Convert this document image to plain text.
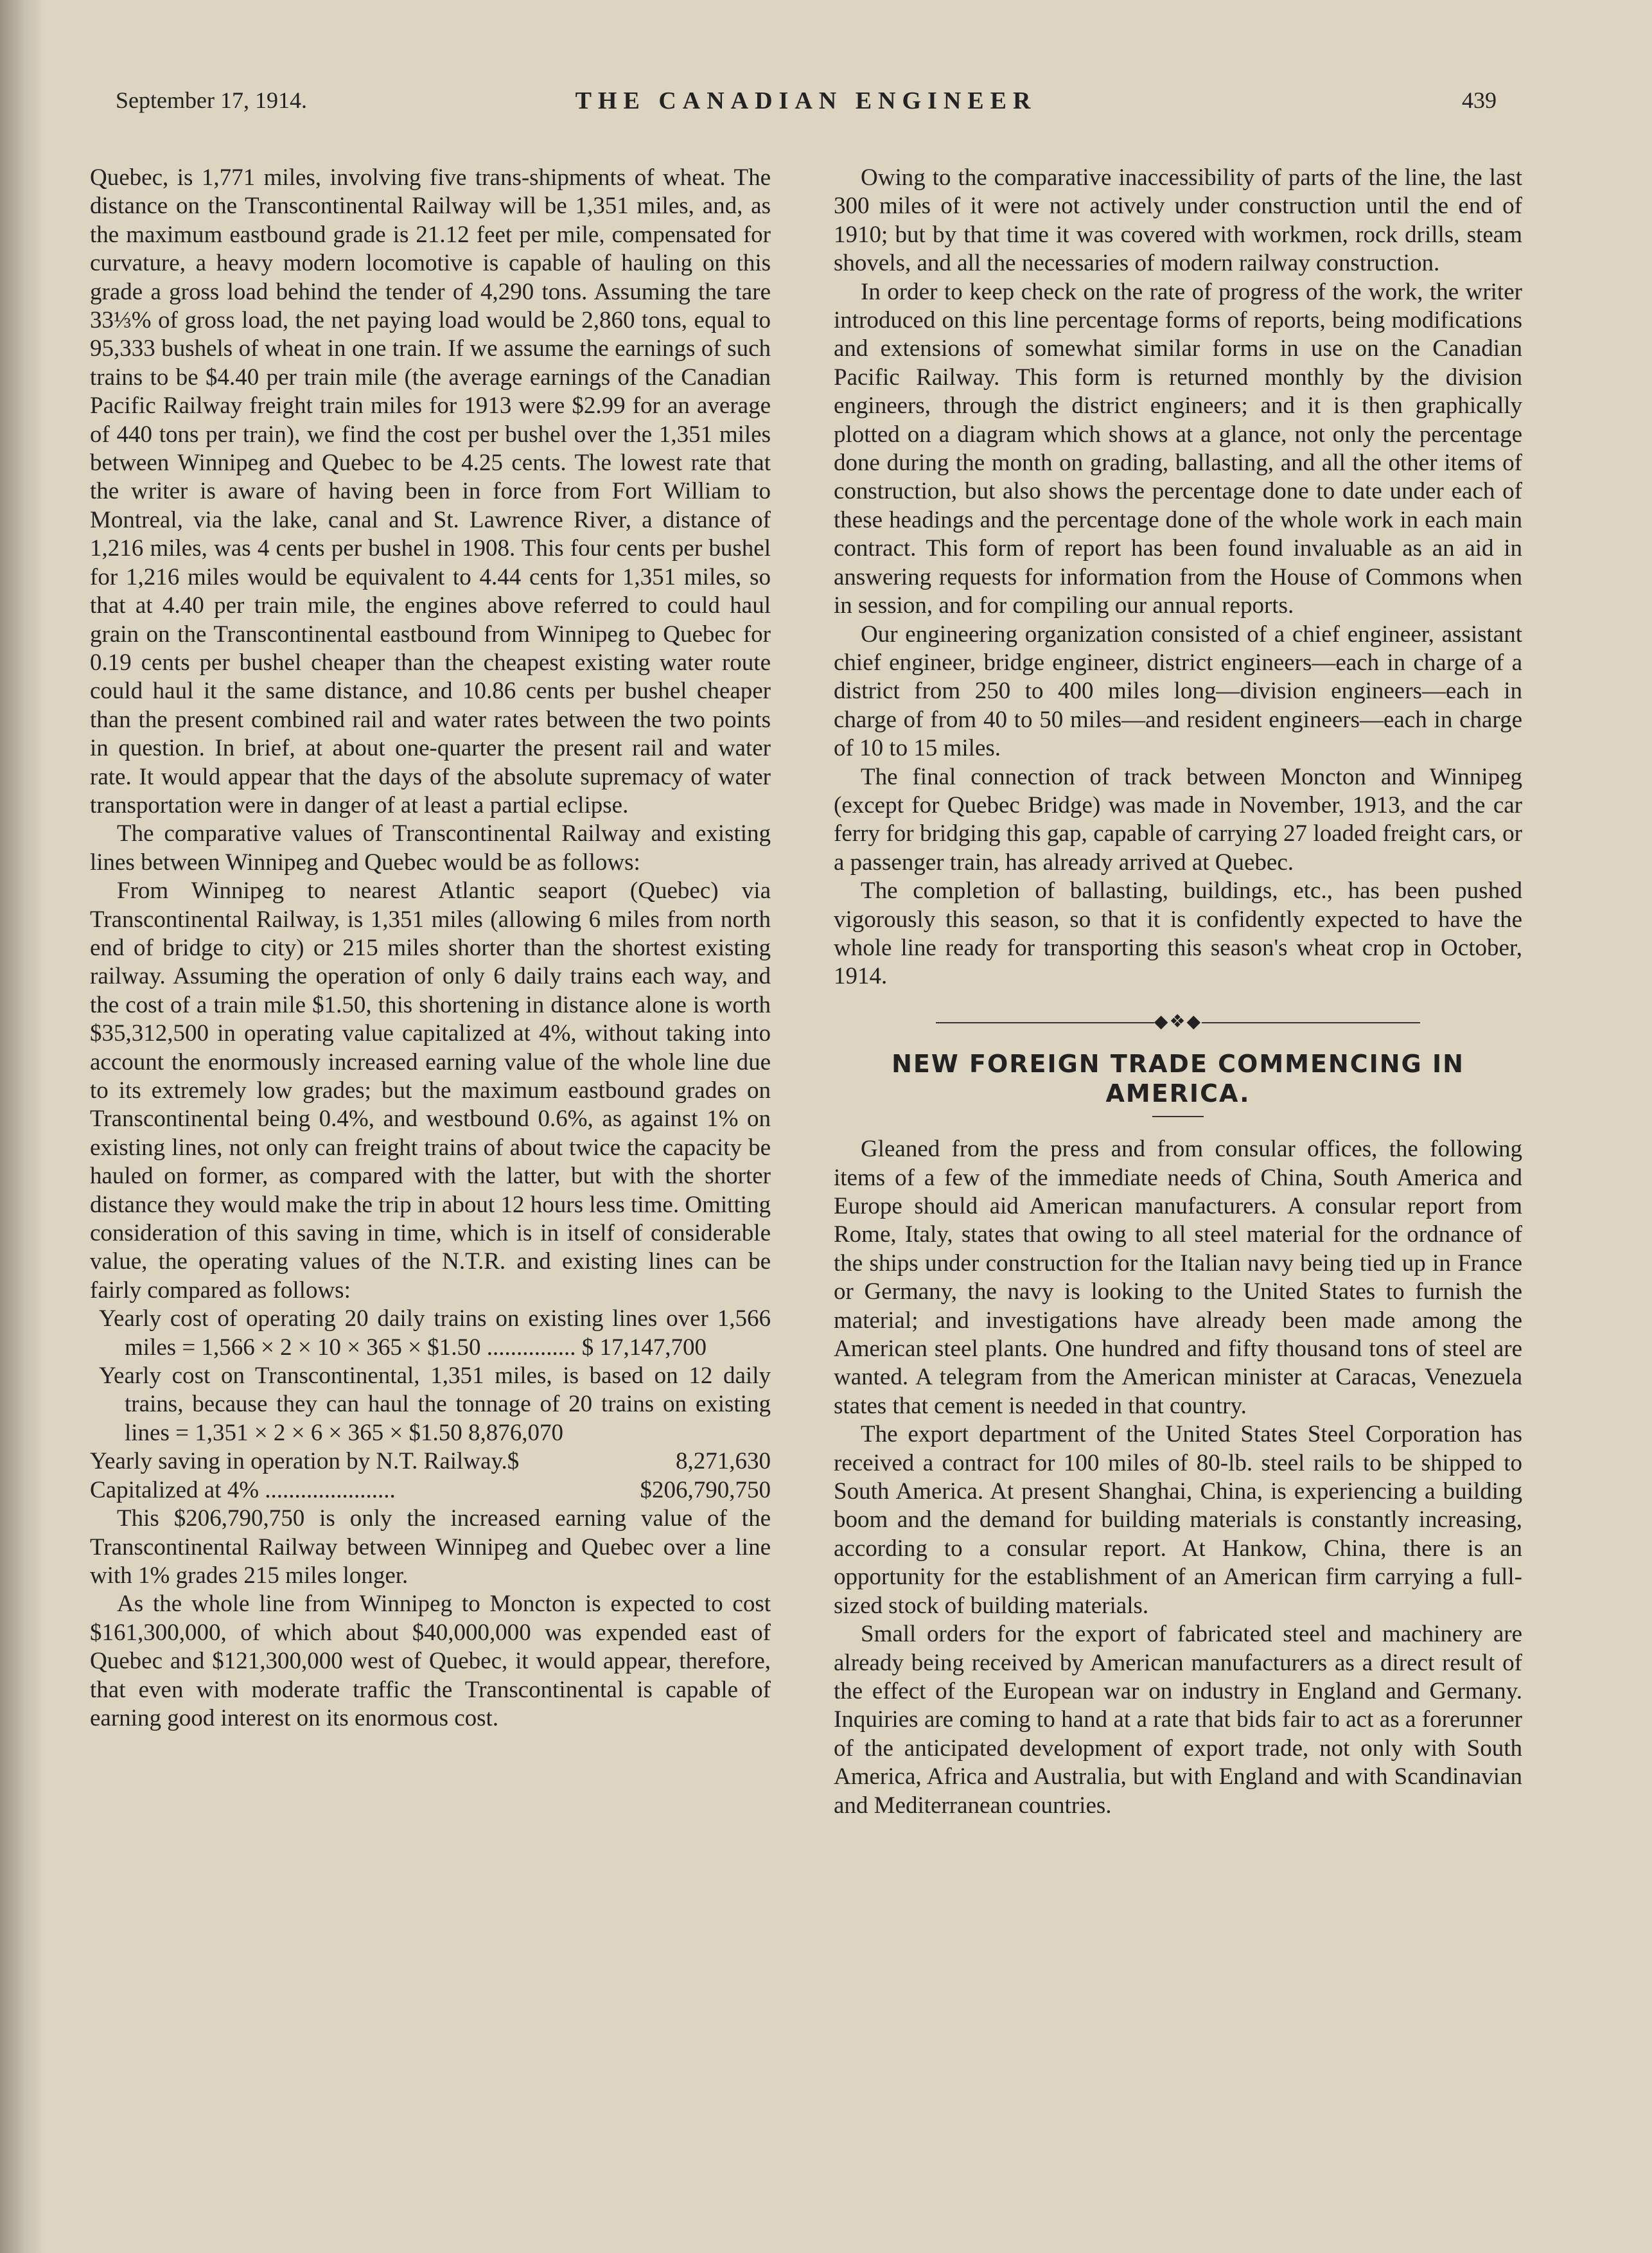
September 17, 1914.	THE CANADIAN ENGINEER	439

Quebec, is 1,771 miles, involving five trans-shipments of wheat. The distance on the Transcontinental Railway will be 1,351 miles, and, as the maximum eastbound grade is 21.12 feet per mile, compensated for curvature, a heavy modern locomotive is capable of hauling on this grade a gross load behind the tender of 4,290 tons. Assuming the tare 33⅓% of gross load, the net paying load would be 2,860 tons, equal to 95,333 bushels of wheat in one train. If we assume the earnings of such trains to be $4.40 per train mile (the average earnings of the Canadian Pacific Railway freight train miles for 1913 were $2.99 for an average of 440 tons per train), we find the cost per bushel over the 1,351 miles between Winnipeg and Quebec to be 4.25 cents. The lowest rate that the writer is aware of having been in force from Fort William to Montreal, via the lake, canal and St. Lawrence River, a distance of 1,216 miles, was 4 cents per bushel in 1908. This four cents per bushel for 1,216 miles would be equivalent to 4.44 cents for 1,351 miles, so that at 4.40 per train mile, the engines above referred to could haul grain on the Transcontinental eastbound from Winnipeg to Quebec for 0.19 cents per bushel cheaper than the cheapest existing water route could haul it the same distance, and 10.86 cents per bushel cheaper than the present combined rail and water rates between the two points in question. In brief, at about one-quarter the present rail and water rate. It would appear that the days of the absolute supremacy of water transportation were in danger of at least a partial eclipse.

The comparative values of Transcontinental Railway and existing lines between Winnipeg and Quebec would be as follows:

From Winnipeg to nearest Atlantic seaport (Quebec) via Transcontinental Railway, is 1,351 miles (allowing 6 miles from north end of bridge to city) or 215 miles shorter than the shortest existing railway. Assuming the operation of only 6 daily trains each way, and the cost of a train mile $1.50, this shortening in distance alone is worth $35,312,500 in operating value capitalized at 4%, without taking into account the enormously increased earning value of the whole line due to its extremely low grades; but the maximum eastbound grades on Transcontinental being 0.4%, and westbound 0.6%, as against 1% on existing lines, not only can freight trains of about twice the capacity be hauled on former, as compared with the latter, but with the shorter distance they would make the trip in about 12 hours less time. Omitting consideration of this saving in time, which is in itself of considerable value, the operating values of the N.T.R. and existing lines can be fairly compared as follows:

Yearly cost of operating 20 daily trains on existing lines over 1,566 miles = 1,566 × 2 × 10 × 365 × $1.50 ............... $ 17,147,700

Yearly cost on Transcontinental, 1,351 miles, is based on 12 daily trains, because they can haul the tonnage of 20 trains on existing lines = 1,351 × 2 × 6 × 365 × $1.50 8,876,070

Yearly saving in operation by N.T. Railway.$	8,271,630
Capitalized at 4% ......................	$206,790,750

This $206,790,750 is only the increased earning value of the Transcontinental Railway between Winnipeg and Quebec over a line with 1% grades 215 miles longer.

As the whole line from Winnipeg to Moncton is expected to cost $161,300,000, of which about $40,000,000 was expended east of Quebec and $121,300,000 west of Quebec, it would appear, therefore, that even with moderate traffic the Transcontinental is capable of earning good interest on its enormous cost.

Owing to the comparative inaccessibility of parts of the line, the last 300 miles of it were not actively under construction until the end of 1910; but by that time it was covered with workmen, rock drills, steam shovels, and all the necessaries of modern railway construction.

In order to keep check on the rate of progress of the work, the writer introduced on this line percentage forms of reports, being modifications and extensions of somewhat similar forms in use on the Canadian Pacific Railway. This form is returned monthly by the division engineers, through the district engineers; and it is then graphically plotted on a diagram which shows at a glance, not only the percentage done during the month on grading, ballasting, and all the other items of construction, but also shows the percentage done to date under each of these headings and the percentage done of the whole work in each main contract. This form of report has been found invaluable as an aid in answering requests for information from the House of Commons when in session, and for compiling our annual reports.

Our engineering organization consisted of a chief engineer, assistant chief engineer, bridge engineer, district engineers—each in charge of a district from 250 to 400 miles long—division engineers—each in charge of from 40 to 50 miles—and resident engineers—each in charge of 10 to 15 miles.

The final connection of track between Moncton and Winnipeg (except for Quebec Bridge) was made in November, 1913, and the car ferry for bridging this gap, capable of carrying 27 loaded freight cars, or a passenger train, has already arrived at Quebec.

The completion of ballasting, buildings, etc., has been pushed vigorously this season, so that it is confidently expected to have the whole line ready for transporting this season's wheat crop in October, 1914.

◆❖◆
NEW FOREIGN TRADE COMMENCING IN AMERICA.

Gleaned from the press and from consular offices, the following items of a few of the immediate needs of China, South America and Europe should aid American manufacturers. A consular report from Rome, Italy, states that owing to all steel material for the ordnance of the ships under construction for the Italian navy being tied up in France or Germany, the navy is looking to the United States to furnish the material; and investigations have already been made among the American steel plants. One hundred and fifty thousand tons of steel are wanted. A telegram from the American minister at Caracas, Venezuela states that cement is needed in that country.

The export department of the United States Steel Corporation has received a contract for 100 miles of 80-lb. steel rails to be shipped to South America. At present Shanghai, China, is experiencing a building boom and the demand for building materials is constantly increasing, according to a consular report. At Hankow, China, there is an opportunity for the establishment of an American firm carrying a full-sized stock of building materials.

Small orders for the export of fabricated steel and machinery are already being received by American manufacturers as a direct result of the effect of the European war on industry in England and Germany. Inquiries are coming to hand at a rate that bids fair to act as a forerunner of the anticipated development of export trade, not only with South America, Africa and Australia, but with England and with Scandinavian and Mediterranean countries.
